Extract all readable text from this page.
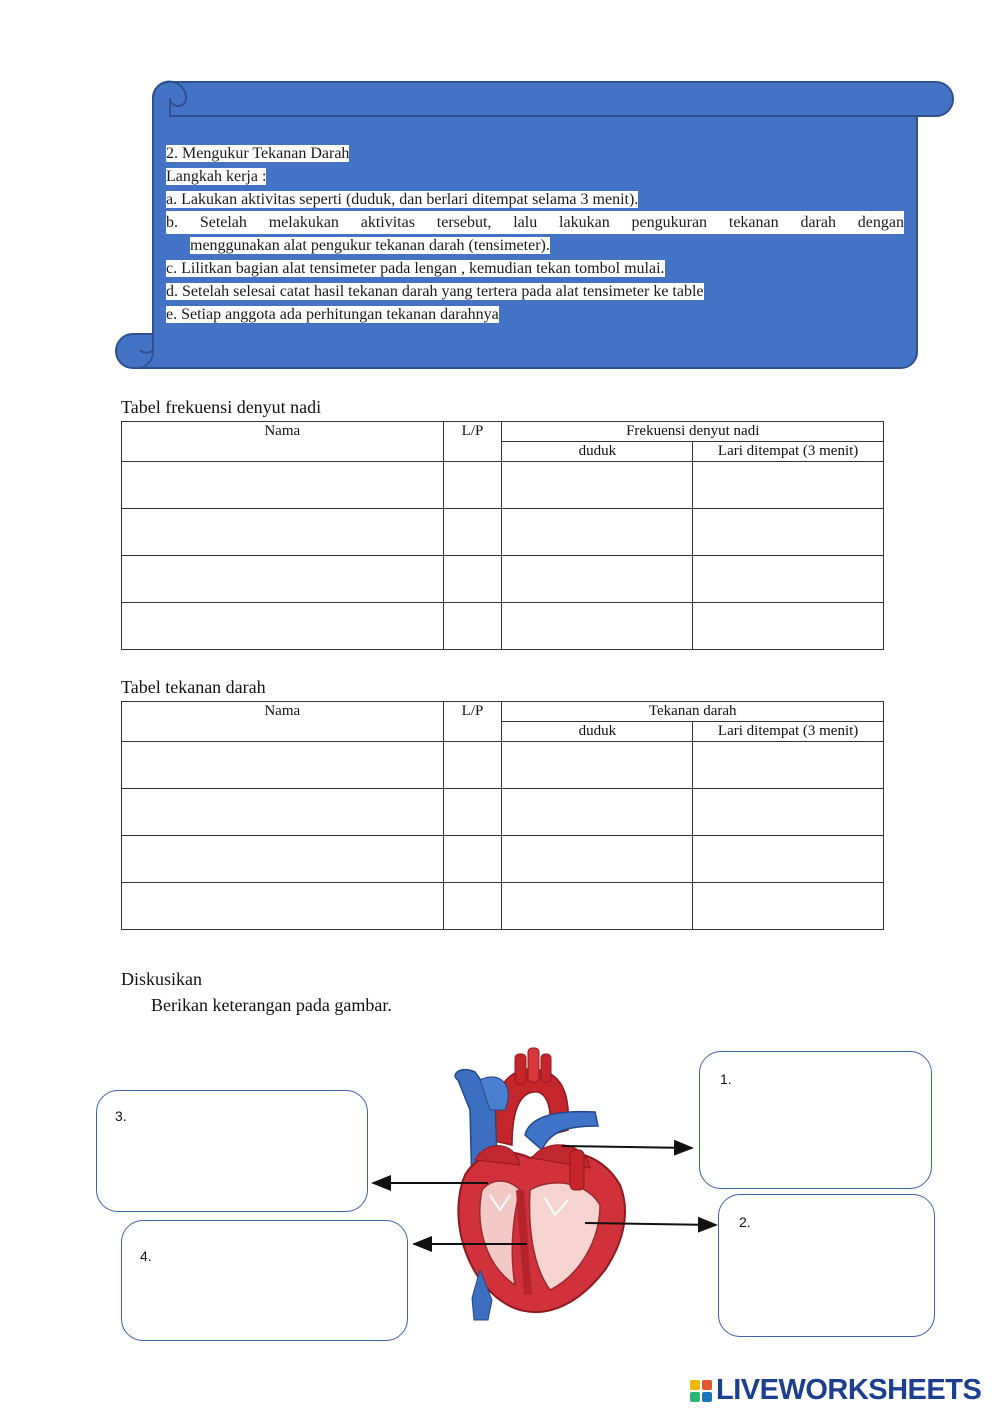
2. Mengukur Tekanan Darah
Langkah kerja :
a. Lakukan aktivitas seperti (duduk, dan berlari ditempat selama 3 menit).
b. Setelah melakukan aktivitas tersebut, lalu lakukan pengukuran tekanan darah dengan
menggunakan alat pengukur tekanan darah (tensimeter).
c. Lilitkan bagian alat tensimeter pada lengan , kemudian tekan tombol mulai.
d. Setelah selesai catat hasil tekanan darah yang tertera pada alat tensimeter ke table
e. Setiap anggota ada perhitungan tekanan darahnya
Tabel frekuensi denyut nadi
Nama	L/P	Frekuensi denyut nadi	
		duduk	Lari ditempat (3 menit)

Tabel tekanan darah
Nama	L/P	Tekanan darah	
		duduk	Lari ditempat (3 menit)

Diskusikan
Berikan keterangan pada gambar.
1.
2.
3.
4.
LIVEWORKSHEETS
